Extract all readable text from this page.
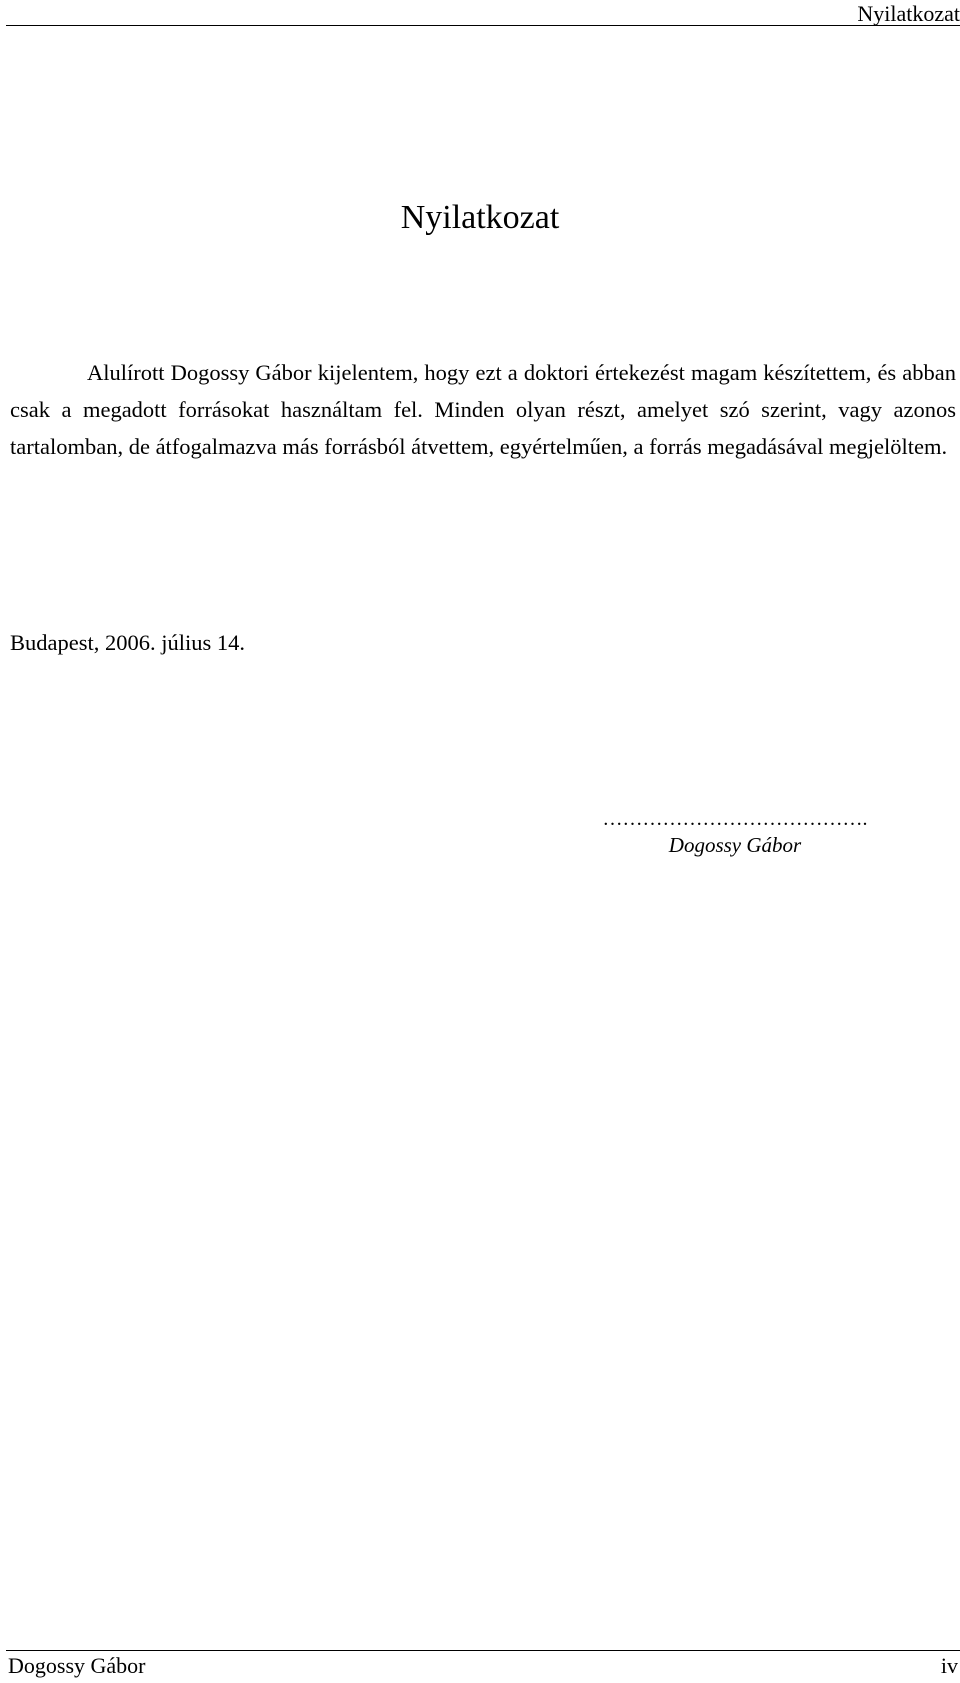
Nyilatkozat
Nyilatkozat

Alulírott Dogossy Gábor kijelentem, hogy ezt a doktori értekezést magam készítettem, és abban csak a megadott forrásokat használtam fel. Minden olyan részt, amelyet szó szerint, vagy azonos tartalomban, de átfogalmazva más forrásból átvettem, egyértelműen, a forrás megadásával megjelöltem.

Budapest, 2006. július 14.
………………………………….
Dogossy Gábor
Dogossy Gábor	iv
